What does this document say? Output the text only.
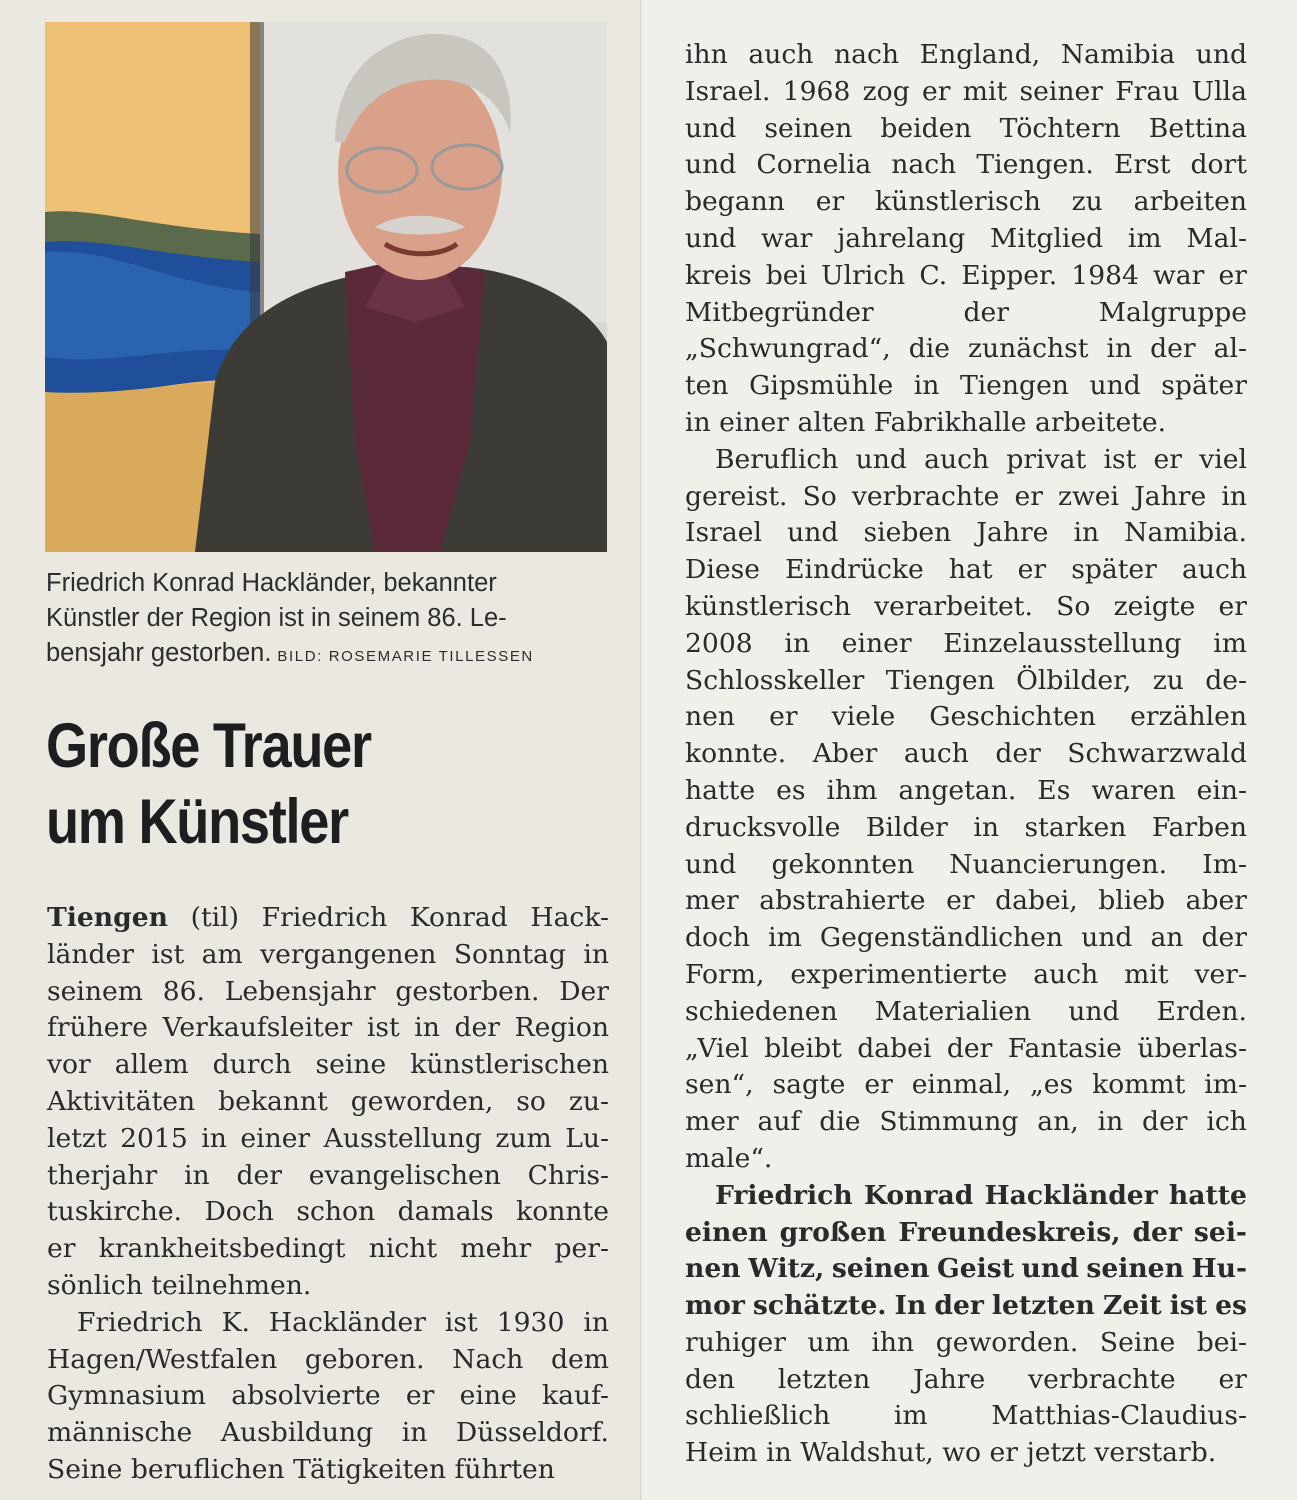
Friedrich Konrad Hackländer, bekannter
Künstler der Region ist in seinem 86. Le-
bensjahr gestorben. BILD: ROSEMARIE TILLESSEN
Große Trauer
um Künstler
Tiengen (til) Friedrich Konrad Hack-
länder ist am vergangenen Sonntag in
seinem 86. Lebensjahr gestorben. Der
frühere Verkaufsleiter ist in der Region
vor allem durch seine künstlerischen
Aktivitäten bekannt geworden, so zu-
letzt 2015 in einer Ausstellung zum Lu-
therjahr in der evangelischen Chris-
tuskirche. Doch schon damals konnte
er krankheitsbedingt nicht mehr per-
sönlich teilnehmen.
Friedrich K. Hackländer ist 1930 in
Hagen/Westfalen geboren. Nach dem
Gymnasium absolvierte er eine kauf-
männische Ausbildung in Düsseldorf.
Seine beruflichen Tätigkeiten führten
ihn auch nach England, Namibia und
Israel. 1968 zog er mit seiner Frau Ulla
und seinen beiden Töchtern Bettina
und Cornelia nach Tiengen. Erst dort
begann er künstlerisch zu arbeiten
und war jahrelang Mitglied im Mal-
kreis bei Ulrich C. Eipper. 1984 war er
Mitbegründer	der	Malgruppe
„Schwungrad“, die zunächst in der al-
ten Gipsmühle in Tiengen und später
in einer alten Fabrikhalle arbeitete.
Beruflich und auch privat ist er viel
gereist. So verbrachte er zwei Jahre in
Israel und sieben Jahre in Namibia.
Diese Eindrücke hat er später auch
künstlerisch verarbeitet. So zeigte er
2008 in einer Einzelausstellung im
Schlosskeller Tiengen Ölbilder, zu de-
nen er viele Geschichten erzählen
konnte. Aber auch der Schwarzwald
hatte es ihm angetan. Es waren ein-
drucksvolle Bilder in starken Farben
und gekonnten Nuancierungen. Im-
mer abstrahierte er dabei, blieb aber
doch im Gegenständlichen und an der
Form, experimentierte auch mit ver-
schiedenen Materialien und Erden.
„Viel bleibt dabei der Fantasie überlas-
sen“, sagte er einmal, „es kommt im-
mer auf die Stimmung an, in der ich
male“.
Friedrich Konrad Hackländer hatte
einen großen Freundeskreis, der sei-
nen Witz, seinen Geist und seinen Hu-
mor schätzte. In der letzten Zeit ist es
ruhiger um ihn geworden. Seine bei-
den letzten Jahre verbrachte er
schließlich im Matthias-Claudius-
Heim in Waldshut, wo er jetzt verstarb.
